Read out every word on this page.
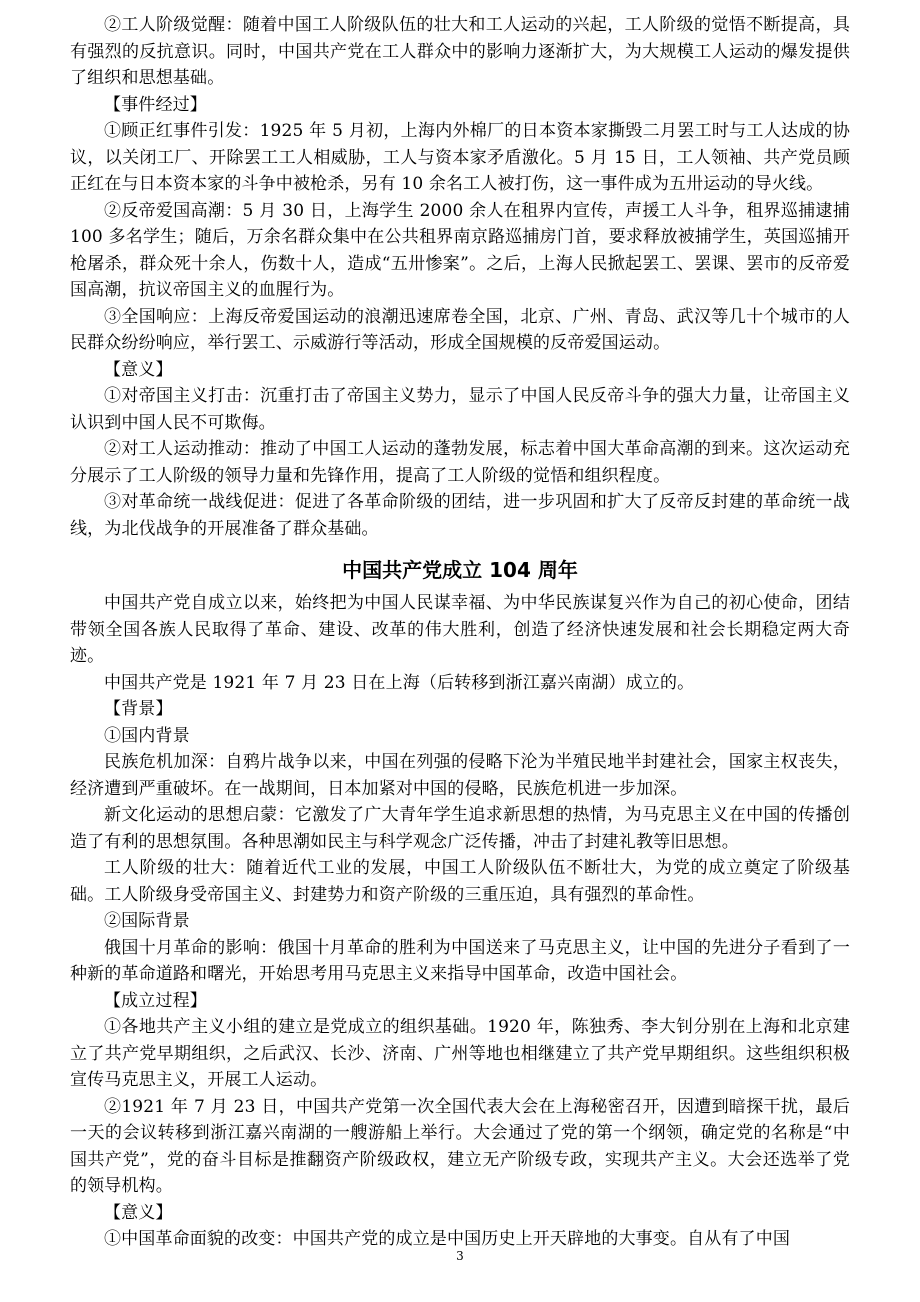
②工人阶级觉醒：随着中国工人阶级队伍的壮大和工人运动的兴起，工人阶级的觉悟不断提高，具有强烈的反抗意识。同时，中国共产党在工人群众中的影响力逐渐扩大，为大规模工人运动的爆发提供了组织和思想基础。

【事件经过】

①顾正红事件引发：1925 年 5 月初，上海内外棉厂的日本资本家撕毁二月罢工时与工人达成的协议，以关闭工厂、开除罢工工人相威胁，工人与资本家矛盾激化。5 月 15 日，工人领袖、共产党员顾正红在与日本资本家的斗争中被枪杀，另有 10 余名工人被打伤，这一事件成为五卅运动的导火线。

②反帝爱国高潮：5 月 30 日，上海学生 2000 余人在租界内宣传，声援工人斗争，租界巡捕逮捕 100 多名学生；随后，万余名群众集中在公共租界南京路巡捕房门首，要求释放被捕学生，英国巡捕开枪屠杀，群众死十余人，伤数十人，造成“五卅惨案”。之后，上海人民掀起罢工、罢课、罢市的反帝爱国高潮，抗议帝国主义的血腥行为。

③全国响应：上海反帝爱国运动的浪潮迅速席卷全国，北京、广州、青岛、武汉等几十个城市的人民群众纷纷响应，举行罢工、示威游行等活动，形成全国规模的反帝爱国运动。

【意义】

①对帝国主义打击：沉重打击了帝国主义势力，显示了中国人民反帝斗争的强大力量，让帝国主义认识到中国人民不可欺侮。

②对工人运动推动：推动了中国工人运动的蓬勃发展，标志着中国大革命高潮的到来。这次运动充分展示了工人阶级的领导力量和先锋作用，提高了工人阶级的觉悟和组织程度。

③对革命统一战线促进：促进了各革命阶级的团结，进一步巩固和扩大了反帝反封建的革命统一战线，为北伐战争的开展准备了群众基础。

中国共产党成立 104 周年

中国共产党自成立以来，始终把为中国人民谋幸福、为中华民族谋复兴作为自己的初心使命，团结带领全国各族人民取得了革命、建设、改革的伟大胜利，创造了经济快速发展和社会长期稳定两大奇迹。

中国共产党是 1921 年 7 月 23 日在上海（后转移到浙江嘉兴南湖）成立的。

【背景】

①国内背景

民族危机加深：自鸦片战争以来，中国在列强的侵略下沦为半殖民地半封建社会，国家主权丧失，经济遭到严重破坏。在一战期间，日本加紧对中国的侵略，民族危机进一步加深。

新文化运动的思想启蒙：它激发了广大青年学生追求新思想的热情，为马克思主义在中国的传播创造了有利的思想氛围。各种思潮如民主与科学观念广泛传播，冲击了封建礼教等旧思想。

工人阶级的壮大：随着近代工业的发展，中国工人阶级队伍不断壮大，为党的成立奠定了阶级基础。工人阶级身受帝国主义、封建势力和资产阶级的三重压迫，具有强烈的革命性。

②国际背景

俄国十月革命的影响：俄国十月革命的胜利为中国送来了马克思主义，让中国的先进分子看到了一种新的革命道路和曙光，开始思考用马克思主义来指导中国革命，改造中国社会。

【成立过程】

①各地共产主义小组的建立是党成立的组织基础。1920 年，陈独秀、李大钊分别在上海和北京建立了共产党早期组织，之后武汉、长沙、济南、广州等地也相继建立了共产党早期组织。这些组织积极宣传马克思主义，开展工人运动。

②1921 年 7 月 23 日，中国共产党第一次全国代表大会在上海秘密召开，因遭到暗探干扰，最后一天的会议转移到浙江嘉兴南湖的一艘游船上举行。大会通过了党的第一个纲领，确定党的名称是“中国共产党”，党的奋斗目标是推翻资产阶级政权，建立无产阶级专政，实现共产主义。大会还选举了党的领导机构。

【意义】

①中国革命面貌的改变：中国共产党的成立是中国历史上开天辟地的大事变。自从有了中国

3
